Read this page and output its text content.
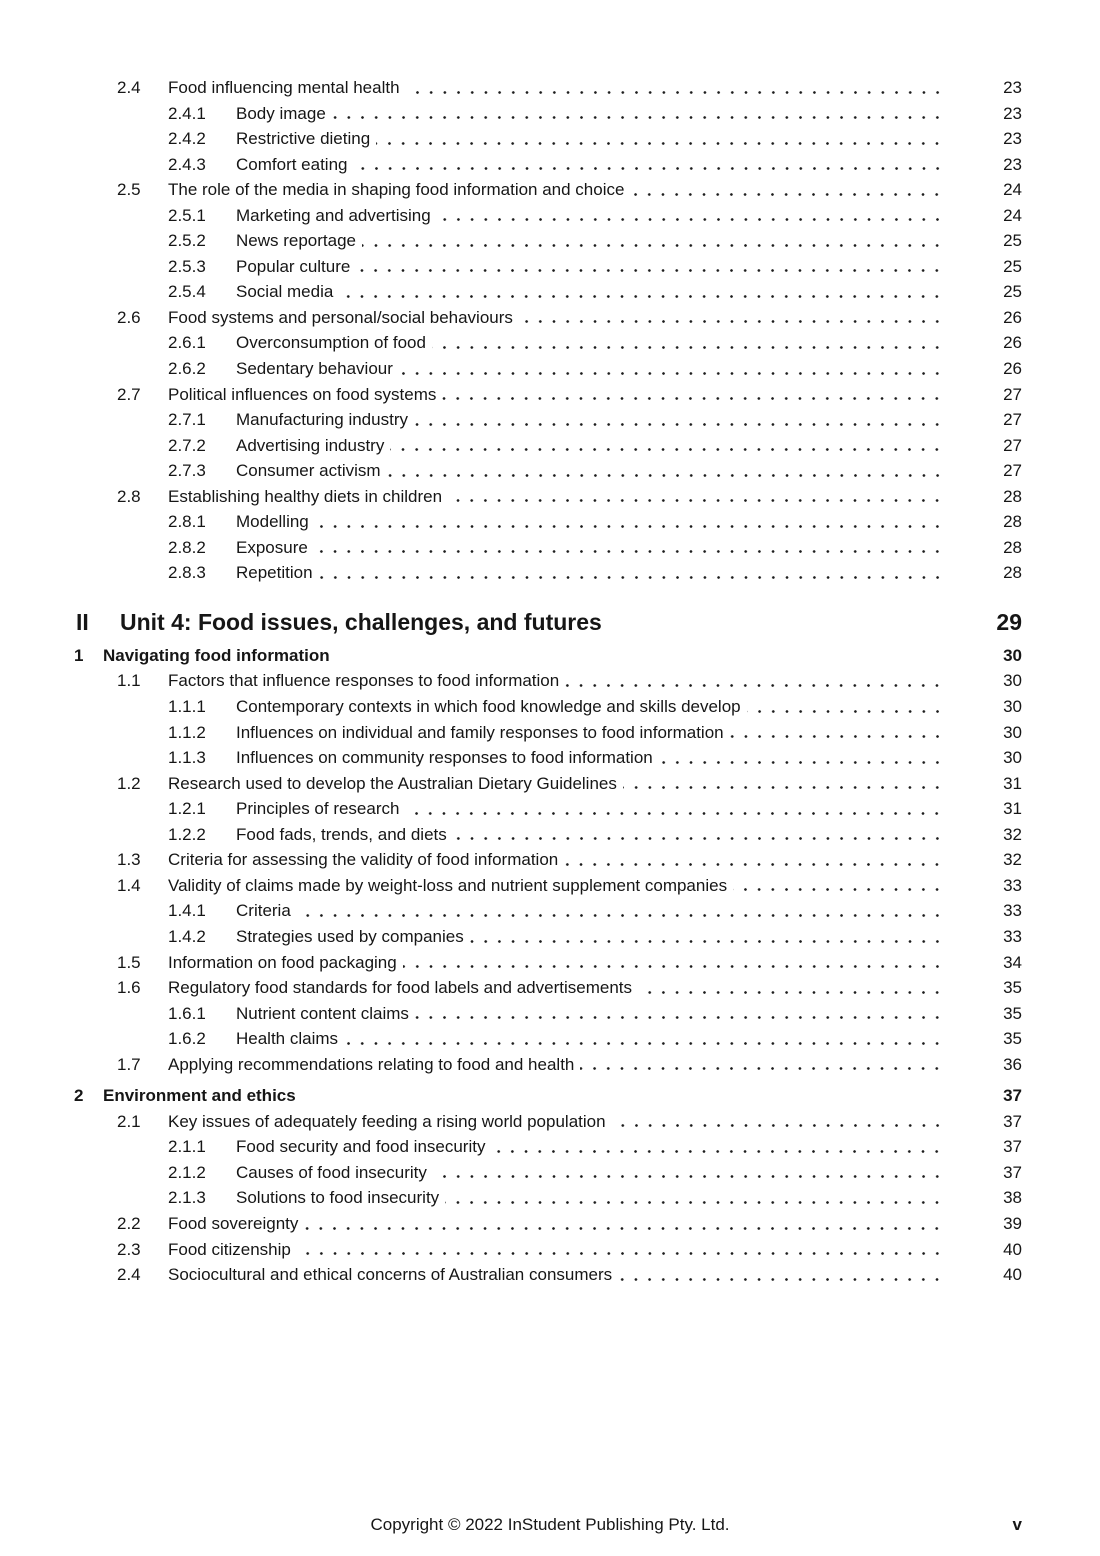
2.4	Food influencing mental health	23
2.4.1	Body image	23
2.4.2	Restrictive dieting	23
2.4.3	Comfort eating	23
2.5	The role of the media in shaping food information and choice	24
2.5.1	Marketing and advertising	24
2.5.2	News reportage	25
2.5.3	Popular culture	25
2.5.4	Social media	25
2.6	Food systems and personal/social behaviours	26
2.6.1	Overconsumption of food	26
2.6.2	Sedentary behaviour	26
2.7	Political influences on food systems	27
2.7.1	Manufacturing industry	27
2.7.2	Advertising industry	27
2.7.3	Consumer activism	27
2.8	Establishing healthy diets in children	28
2.8.1	Modelling	28
2.8.2	Exposure	28
2.8.3	Repetition	28
II	Unit 4: Food issues, challenges, and futures	29
1	Navigating food information	30
1.1	Factors that influence responses to food information	30
1.1.1	Contemporary contexts in which food knowledge and skills develop	30
1.1.2	Influences on individual and family responses to food information	30
1.1.3	Influences on community responses to food information	30
1.2	Research used to develop the Australian Dietary Guidelines	31
1.2.1	Principles of research	31
1.2.2	Food fads, trends, and diets	32
1.3	Criteria for assessing the validity of food information	32
1.4	Validity of claims made by weight-loss and nutrient supplement companies	33
1.4.1	Criteria	33
1.4.2	Strategies used by companies	33
1.5	Information on food packaging	34
1.6	Regulatory food standards for food labels and advertisements	35
1.6.1	Nutrient content claims	35
1.6.2	Health claims	35
1.7	Applying recommendations relating to food and health	36
2	Environment and ethics	37
2.1	Key issues of adequately feeding a rising world population	37
2.1.1	Food security and food insecurity	37
2.1.2	Causes of food insecurity	37
2.1.3	Solutions to food insecurity	38
2.2	Food sovereignty	39
2.3	Food citizenship	40
2.4	Sociocultural and ethical concerns of Australian consumers	40
Copyright © 2022 InStudent Publishing Pty. Ltd.	v
